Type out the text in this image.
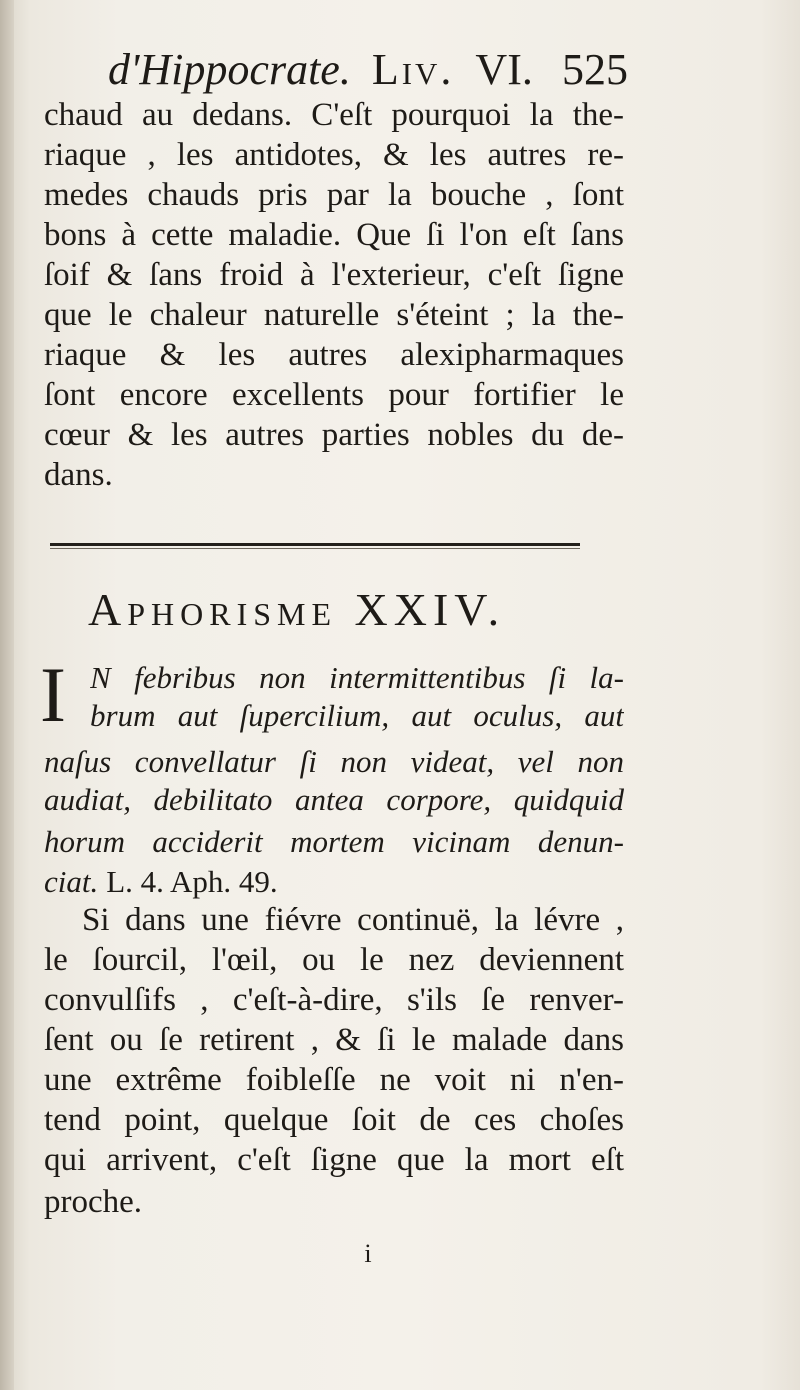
d'Hippocrate. Liv. VI. 525
chaud au dedans. C'eſt pourquoi la the-
riaque , les antidotes, & les autres re-
medes chauds pris par la bouche , ſont
bons à cette maladie. Que ſi l'on eſt ſans
ſoif & ſans froid à l'exterieur, c'eſt ſigne
que le chaleur naturelle s'éteint ; la the-
riaque & les autres alexipharmaques
ſont encore excellents pour fortifier le
cœur & les autres parties nobles du de-
dans.
Aphorisme XXIV.
I N febribus non intermittentibus ſi la-
brum aut ſupercilium, aut oculus, aut
naſus convellatur ſi non videat, vel non
audiat, debilitato antea corpore, quidquid
horum acciderit mortem vicinam denun-
ciat. L. 4. Aph. 49.
Si dans une fiévre continuë, la lévre ,
le ſourcil, l'œil, ou le nez deviennent
convulſifs , c'eſt-à-dire, s'ils ſe renver-
ſent ou ſe retirent , & ſi le malade dans
une extrême foibleſſe ne voit ni n'en-
tend point, quelque ſoit de ces choſes
qui arrivent, c'eſt ſigne que la mort eſt
proche.
i
